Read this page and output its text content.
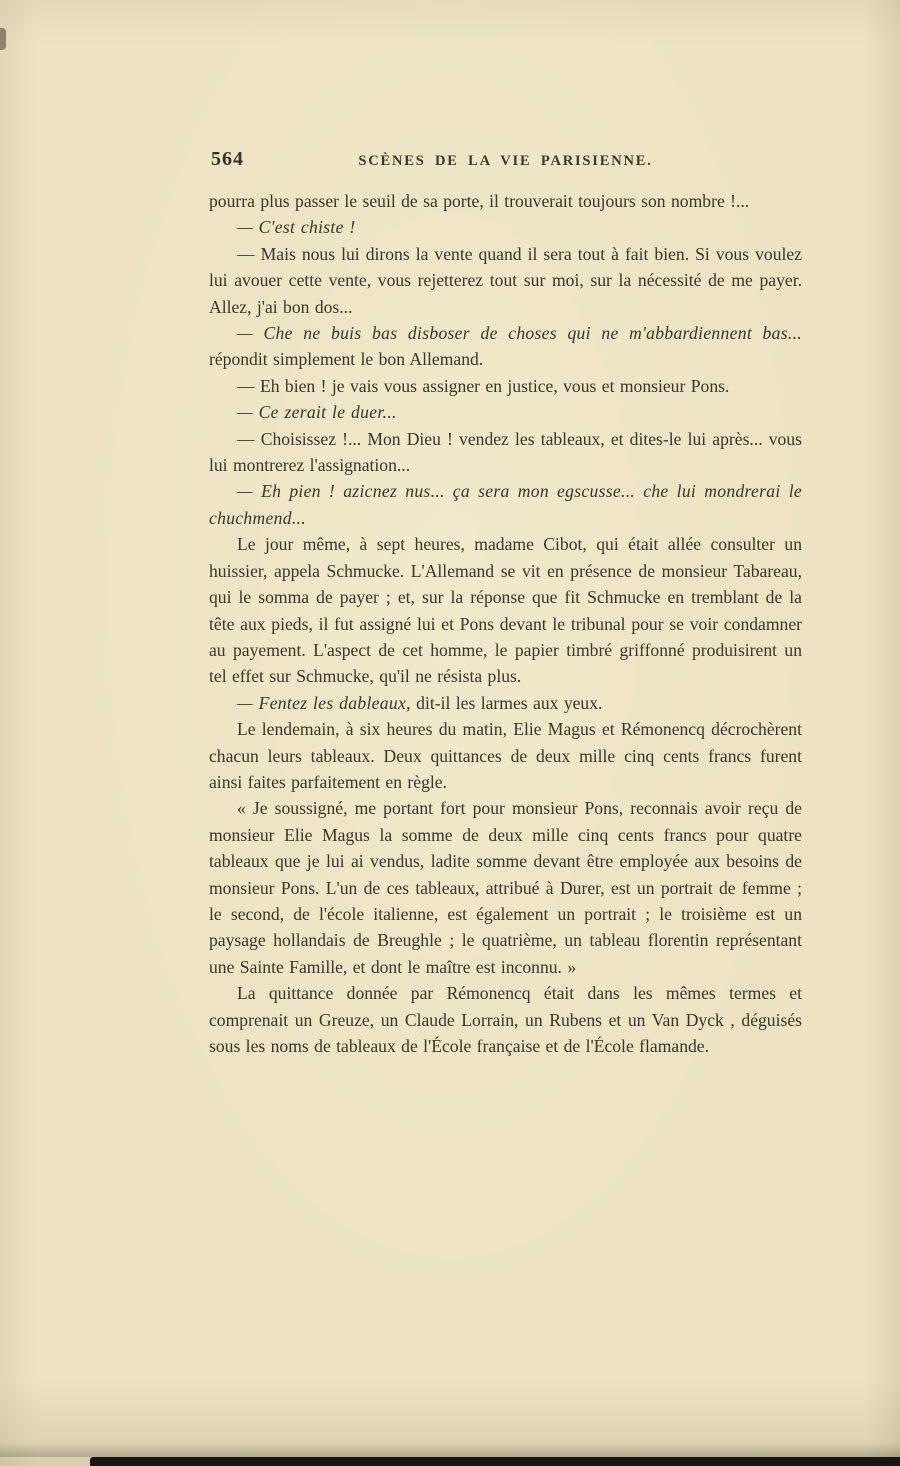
564	SCÈNES DE LA VIE PARISIENNE.

pourra plus passer le seuil de sa porte, il trouverait toujours son nombre !...

— C'est chiste !

— Mais nous lui dirons la vente quand il sera tout à fait bien. Si vous voulez lui avouer cette vente, vous rejetterez tout sur moi, sur la nécessité de me payer. Allez, j'ai bon dos...

— Che ne buis bas disboser de choses qui ne m'abbardiennent bas... répondit simplement le bon Allemand.

— Eh bien ! je vais vous assigner en justice, vous et monsieur Pons.

— Ce zerait le duer...

— Choisissez !... Mon Dieu ! vendez les tableaux, et dites-le lui après... vous lui montrerez l'assignation...

— Eh pien ! azicnez nus... ça sera mon egscusse... che lui mondrerai le chuchmend...

Le jour même, à sept heures, madame Cibot, qui était allée consulter un huissier, appela Schmucke. L'Allemand se vit en présence de monsieur Tabareau, qui le somma de payer ; et, sur la réponse que fit Schmucke en tremblant de la tête aux pieds, il fut assigné lui et Pons devant le tribunal pour se voir condamner au payement. L'aspect de cet homme, le papier timbré griffonné produisirent un tel effet sur Schmucke, qu'il ne résista plus.

— Fentez les dableaux, dit-il les larmes aux yeux.

Le lendemain, à six heures du matin, Elie Magus et Rémonencq décrochèrent chacun leurs tableaux. Deux quittances de deux mille cinq cents francs furent ainsi faites parfaitement en règle.

« Je soussigné, me portant fort pour monsieur Pons, reconnais avoir reçu de monsieur Elie Magus la somme de deux mille cinq cents francs pour quatre tableaux que je lui ai vendus, ladite somme devant être employée aux besoins de monsieur Pons. L'un de ces tableaux, attribué à Durer, est un portrait de femme ; le second, de l'école italienne, est également un portrait ; le troisième est un paysage hollandais de Breughle ; le quatrième, un tableau florentin représentant une Sainte Famille, et dont le maître est inconnu. »

La quittance donnée par Rémonencq était dans les mêmes termes et comprenait un Greuze, un Claude Lorrain, un Rubens et un Van Dyck , déguisés sous les noms de tableaux de l'École française et de l'École flamande.
